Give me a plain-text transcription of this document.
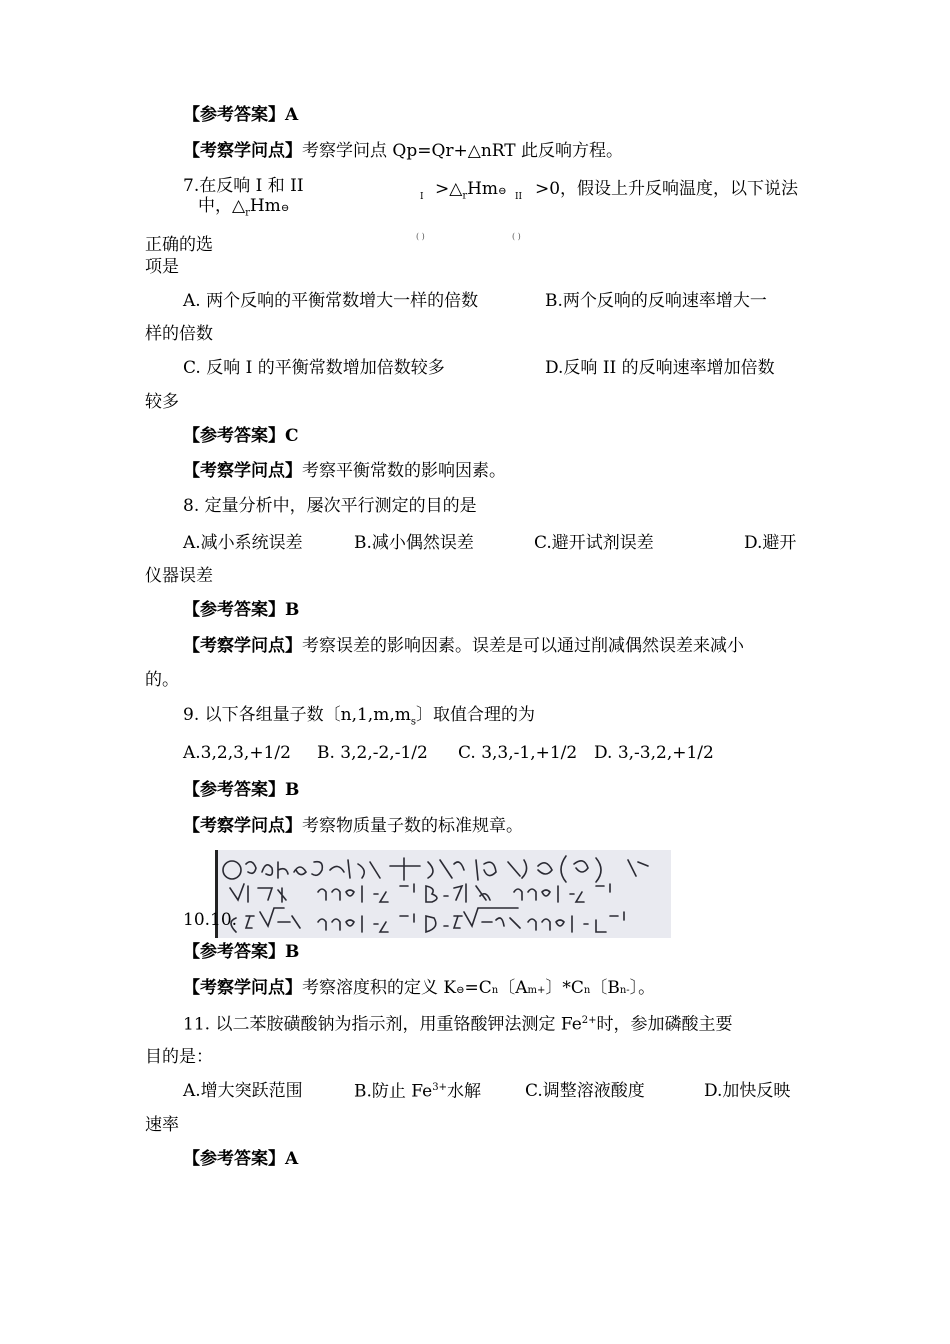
【参考答案】A
【考察学问点】考察学问点 Qp=Qr+△nRT 此反响方程。
7.在反响 I 和 II
中，$\triangle_rHm⊖$
$I >\triangle_rHm⊖$ II >0，假设上升反响温度，以下说法
( )	( )
正确的选
项是
A. 两个反响的平衡常数增大一样的倍数	B.两个反响的反响速率增大一
样的倍数
C. 反响 I 的平衡常数增加倍数较多	D.反响 II 的反响速率增加倍数
较多
【参考答案】C
【考察学问点】考察平衡常数的影响因素。
8. 定量分析中，屡次平行测定的目的是
A.减小系统误差	B.减小偶然误差	C.避开试剂误差	D.避开
仪器误差
【参考答案】B
【考察学问点】考察误差的影响因素。误差是可以通过削减偶然误差来减小
的。
9. 以下各组量子数〔$n,1,m,m_s$〕取值合理的为
A.3,2,3,+1/2 B. 3,2,-2,-1/2 C. 3,3,-1,+1/2 D. 3,-3,2,+1/2
【参考答案】B
【考察学问点】考察物质量子数的标准规章。
10.10.
【参考答案】B
【考察学问点】考察溶度积的定义 K⊖=Cn〔Am+〕*Cn〔Bn-〕。
11. 以二苯胺磺酸钠为指示剂，用重铬酸钾法测定 $Fe^{2+}$时，参加磷酸主要
目的是：
A.增大突跃范围	B.防止 $Fe^{3+}$水解	C.调整溶液酸度	D.加快反映
速率
【参考答案】A
